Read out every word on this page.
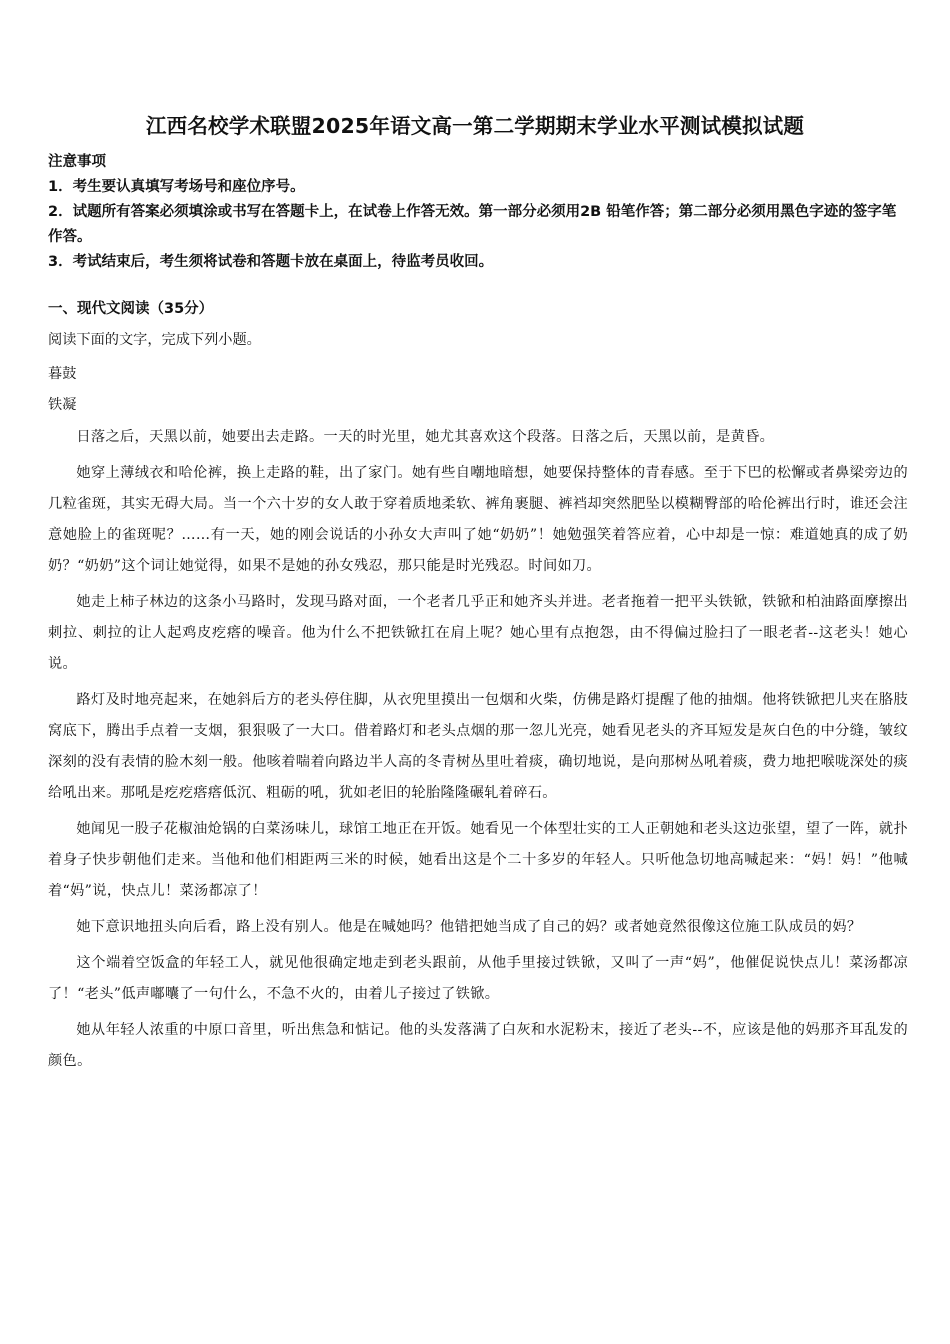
江西名校学术联盟2025年语文高一第二学期期末学业水平测试模拟试题

注意事项

1．考生要认真填写考场号和座位序号。

2．试题所有答案必须填涂或书写在答题卡上，在试卷上作答无效。第一部分必须用2B 铅笔作答；第二部分必须用黑色字迹的签字笔作答。

3．考试结束后，考生须将试卷和答题卡放在桌面上，待监考员收回。

一、现代文阅读（35分）

阅读下面的文字，完成下列小题。

暮鼓

铁凝

日落之后，天黑以前，她要出去走路。一天的时光里，她尤其喜欢这个段落。日落之后，天黑以前，是黄昏。

她穿上薄绒衣和哈伦裤，换上走路的鞋，出了家门。她有些自嘲地暗想，她要保持整体的青春感。至于下巴的松懈或者鼻梁旁边的几粒雀斑，其实无碍大局。当一个六十岁的女人敢于穿着质地柔软、裤角裹腿、裤裆却突然肥坠以模糊臀部的哈伦裤出行时，谁还会注意她脸上的雀斑呢？……有一天，她的刚会说话的小孙女大声叫了她“奶奶”！她勉强笑着答应着，心中却是一惊：难道她真的成了奶奶？“奶奶”这个词让她觉得，如果不是她的孙女残忍，那只能是时光残忍。时间如刀。

她走上柿子林边的这条小马路时，发现马路对面，一个老者几乎正和她齐头并进。老者拖着一把平头铁锨，铁锨和柏油路面摩擦出刺拉、刺拉的让人起鸡皮疙瘩的噪音。他为什么不把铁锨扛在肩上呢？她心里有点抱怨，由不得偏过脸扫了一眼老者--这老头！她心说。

路灯及时地亮起来，在她斜后方的老头停住脚，从衣兜里摸出一包烟和火柴，仿佛是路灯提醒了他的抽烟。他将铁锨把儿夹在胳肢窝底下，腾出手点着一支烟，狠狠吸了一大口。借着路灯和老头点烟的那一忽儿光亮，她看见老头的齐耳短发是灰白色的中分缝，皱纹深刻的没有表情的脸木刻一般。他咳着喘着向路边半人高的冬青树丛里吐着痰，确切地说，是向那树丛吼着痰，费力地把喉咙深处的痰给吼出来。那吼是疙疙瘩瘩低沉、粗砺的吼，犹如老旧的轮胎隆隆碾轧着碎石。

她闻见一股子花椒油炝锅的白菜汤味儿，球馆工地正在开饭。她看见一个体型壮实的工人正朝她和老头这边张望，望了一阵，就扑着身子快步朝他们走来。当他和他们相距两三米的时候，她看出这是个二十多岁的年轻人。只听他急切地高喊起来：“妈！妈！”他喊着“妈”说，快点儿！菜汤都凉了！

她下意识地扭头向后看，路上没有别人。他是在喊她吗？他错把她当成了自己的妈？或者她竟然很像这位施工队成员的妈？

这个端着空饭盒的年轻工人，就见他很确定地走到老头跟前，从他手里接过铁锨，又叫了一声“妈”，他催促说快点儿！菜汤都凉了！“老头”低声嘟囔了一句什么，不急不火的，由着儿子接过了铁锨。

她从年轻人浓重的中原口音里，听出焦急和惦记。他的头发落满了白灰和水泥粉末，接近了老头--不，应该是他的妈那齐耳乱发的颜色。
